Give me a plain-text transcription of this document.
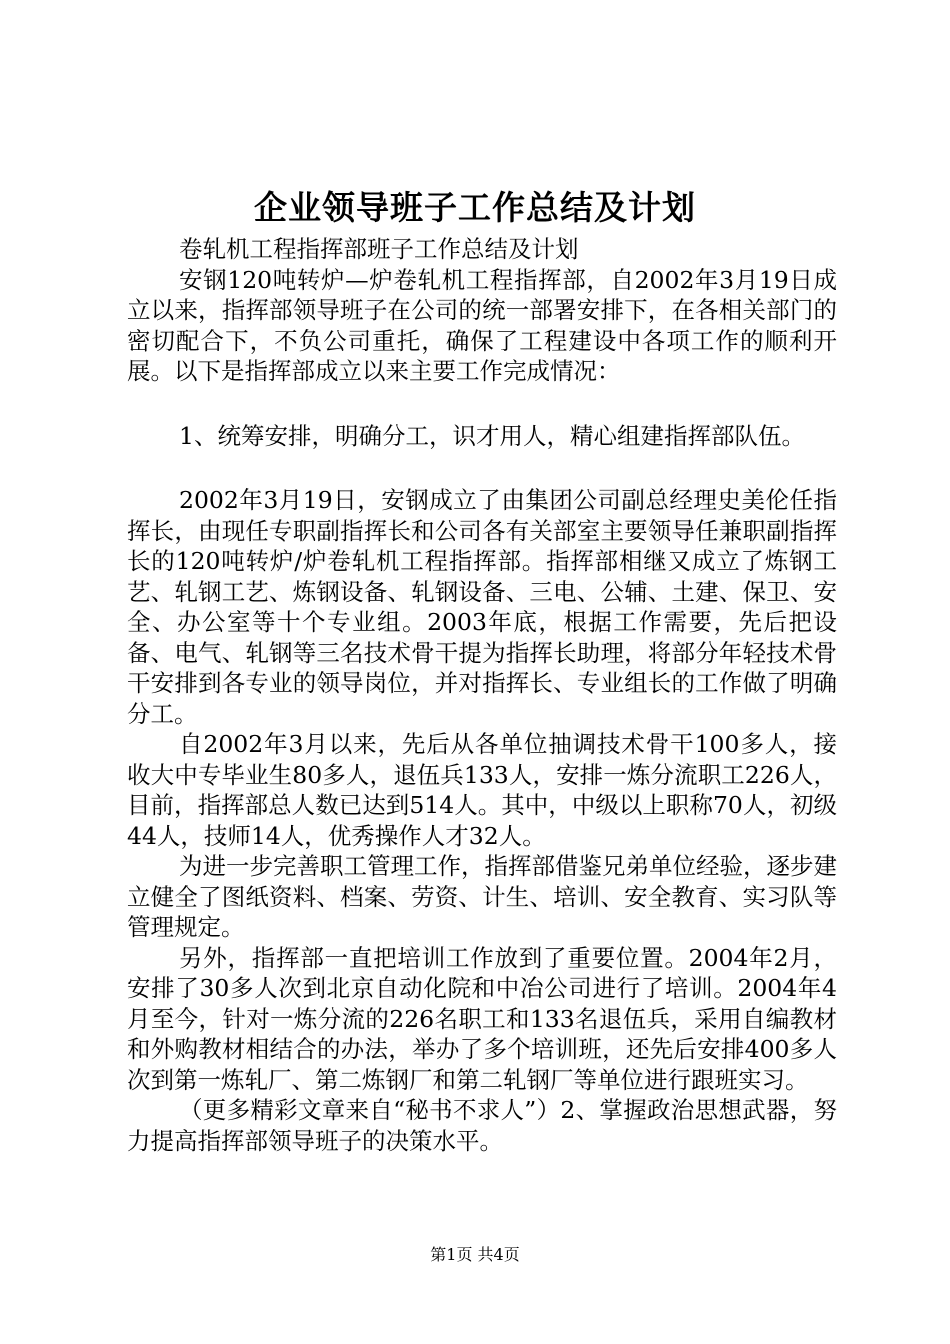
企业领导班子工作总结及计划

卷轧机工程指挥部班子工作总结及计划

安钢120吨转炉—炉卷轧机工程指挥部，自2002年3月19日成立以来，指挥部领导班子在公司的统一部署安排下，在各相关部门的密切配合下，不负公司重托，确保了工程建设中各项工作的顺利开展。以下是指挥部成立以来主要工作完成情况：

1、统筹安排，明确分工，识才用人，精心组建指挥部队伍。

2002年3月19日，安钢成立了由集团公司副总经理史美伦任指挥长，由现任专职副指挥长和公司各有关部室主要领导任兼职副指挥长的120吨转炉/炉卷轧机工程指挥部。指挥部相继又成立了炼钢工艺、轧钢工艺、炼钢设备、轧钢设备、三电、公辅、土建、保卫、安全、办公室等十个专业组。2003年底，根据工作需要，先后把设备、电气、轧钢等三名技术骨干提为指挥长助理，将部分年轻技术骨干安排到各专业的领导岗位，并对指挥长、专业组长的工作做了明确分工。

自2002年3月以来，先后从各单位抽调技术骨干100多人，接收大中专毕业生80多人，退伍兵133人，安排一炼分流职工226人，目前，指挥部总人数已达到514人。其中，中级以上职称70人，初级44人，技师14人，优秀操作人才32人。

为进一步完善职工管理工作，指挥部借鉴兄弟单位经验，逐步建立健全了图纸资料、档案、劳资、计生、培训、安全教育、实习队等管理规定。

另外，指挥部一直把培训工作放到了重要位置。2004年2月，安排了30多人次到北京自动化院和中冶公司进行了培训。2004年4月至今，针对一炼分流的226名职工和133名退伍兵，采用自编教材和外购教材相结合的办法，举办了多个培训班，还先后安排400多人次到第一炼轧厂、第二炼钢厂和第二轧钢厂等单位进行跟班实习。

（更多精彩文章来自“秘书不求人”）2、掌握政治思想武器，努力提高指挥部领导班子的决策水平。

第1页 共4页
